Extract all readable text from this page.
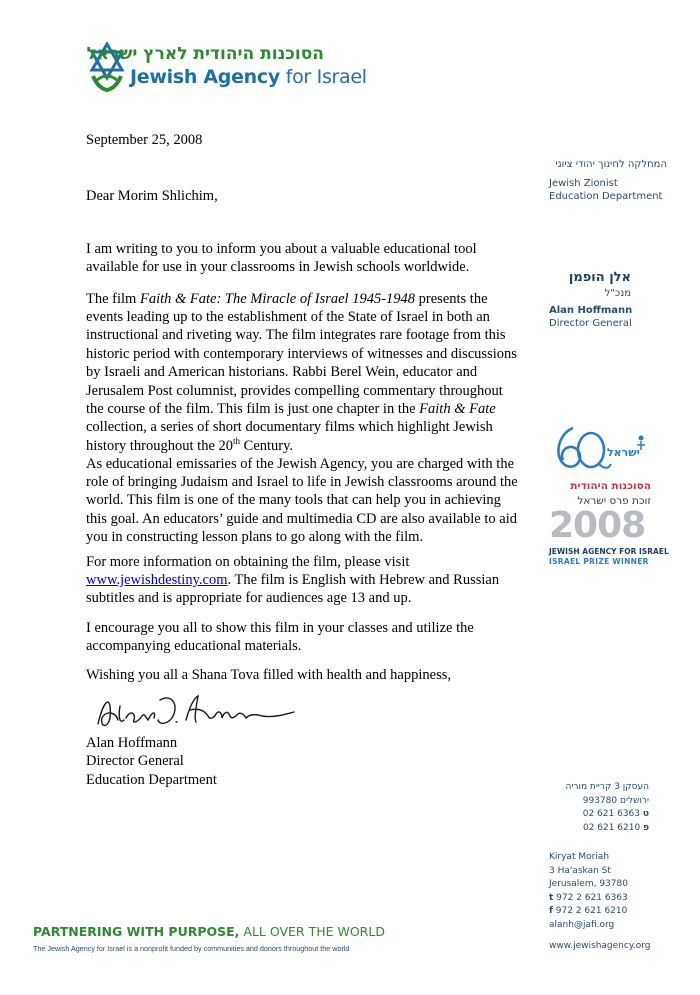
הסוכנות היהודית לארץ ישראל
Jewish Agency for Israel
September 25, 2008
Dear Morim Shlichim,

I am writing to you to inform you about a valuable educational tool available for use in your classrooms in Jewish schools worldwide.

The film Faith & Fate: The Miracle of Israel 1945-1948 presents the events leading up to the establishment of the State of Israel in both an instructional and riveting way. The film integrates rare footage from this historic period with contemporary interviews of witnesses and discussions by Israeli and American historians. Rabbi Berel Wein, educator and Jerusalem Post columnist, provides compelling commentary throughout the course of the film. This film is just one chapter in the Faith & Fate collection, a series of short documentary films which highlight Jewish history throughout the 20th Century.

As educational emissaries of the Jewish Agency, you are charged with the role of bringing Judaism and Israel to life in Jewish classrooms around the world. This film is one of the many tools that can help you in achieving this goal. An educators’ guide and multimedia CD are also available to aid you in constructing lesson plans to go along with the film.

For more information on obtaining the film, please visit www.jewishdestiny.com. The film is English with Hebrew and Russian subtitles and is appropriate for audiences age 13 and up.

I encourage you all to show this film in your classes and utilize the accompanying educational materials.

Wishing you all a Shana Tova filled with health and happiness,
Alan Hoffmann
Director General
Education Department
המחלקה לחינוך יהודי ציוני
Jewish Zionist
Education Department
אלן הופמן
מנכ"ל
Alan Hoffmann
Director General
ישראל
הסוכנות היהודית
זוכת פרס ישראל
2008
JEWISH AGENCY FOR ISRAEL
ISRAEL PRIZE WINNER
העסקן 3 קריית מוריה
ירושלים 993780
ט 02 621 6363
פ 02 621 6210
Kiryat Moriah
3 Ha'askan St
Jerusalem, 93780
t 972 2 621 6363
f 972 2 621 6210
alanh@jafi.org
www.jewishagency.org
PARTNERING WITH PURPOSE, ALL OVER THE WORLD
The Jewish Agency for Israel is a nonprofit funded by communities and donors throughout the world
